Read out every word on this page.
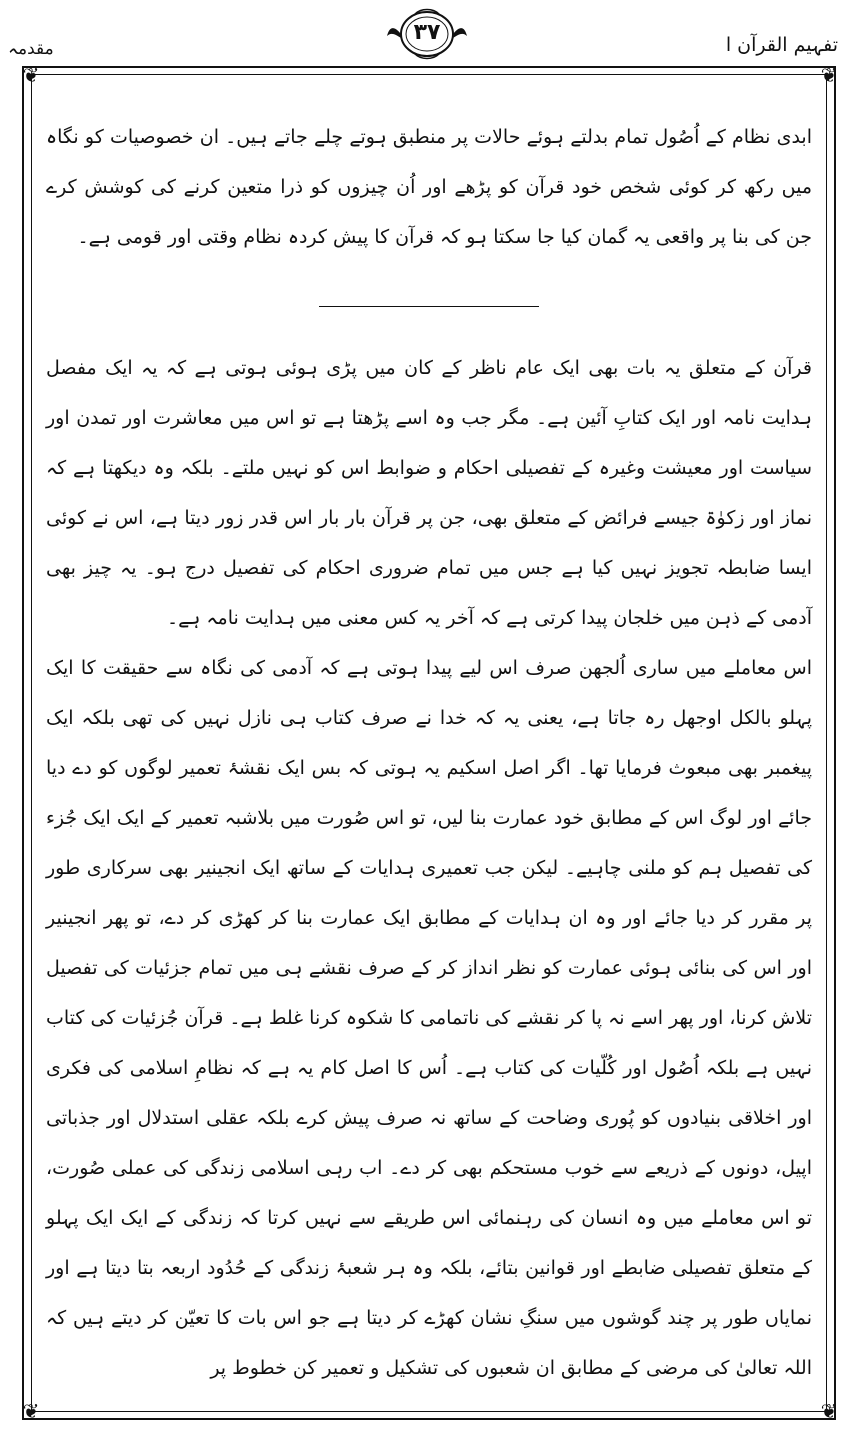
مقدمہ
۳۷	تفہیم القرآن ا
❦	❦
❦	❦

ابدی نظام کے اُصُول تمام بدلتے ہوئے حالات پر منطبق ہوتے چلے جاتے ہیں۔ ان خصوصیات کو نگاہ میں رکھ کر کوئی شخص خود قرآن کو پڑھے اور اُن چیزوں کو ذرا متعین کرنے کی کوشش کرے جن کی بنا پر واقعی یہ گمان کیا جا سکتا ہو کہ قرآن کا پیش کردہ نظام وقتی اور قومی ہے۔

قرآن کے متعلق یہ بات بھی ایک عام ناظر کے کان میں پڑی ہوئی ہوتی ہے کہ یہ ایک مفصل ہدایت نامہ اور ایک کتابِ آئین ہے۔ مگر جب وہ اسے پڑھتا ہے تو اس میں معاشرت اور تمدن اور سیاست اور معیشت وغیرہ کے تفصیلی احکام و ضوابط اس کو نہیں ملتے۔ بلکہ وہ دیکھتا ہے کہ نماز اور زکوٰۃ جیسے فرائض کے متعلق بھی، جن پر قرآن بار بار اس قدر زور دیتا ہے، اس نے کوئی ایسا ضابطہ تجویز نہیں کیا ہے جس میں تمام ضروری احکام کی تفصیل درج ہو۔ یہ چیز بھی آدمی کے ذہن میں خلجان پیدا کرتی ہے کہ آخر یہ کس معنی میں ہدایت نامہ ہے۔

اس معاملے میں ساری اُلجھن صرف اس لیے پیدا ہوتی ہے کہ آدمی کی نگاہ سے حقیقت کا ایک پہلو بالکل اوجھل رہ جاتا ہے، یعنی یہ کہ خدا نے صرف کتاب ہی نازل نہیں کی تھی بلکہ ایک پیغمبر بھی مبعوث فرمایا تھا۔ اگر اصل اسکیم یہ ہوتی کہ بس ایک نقشۂ تعمیر لوگوں کو دے دیا جائے اور لوگ اس کے مطابق خود عمارت بنا لیں، تو اس صُورت میں بلاشبہ تعمیر کے ایک ایک جُزء کی تفصیل ہم کو ملنی چاہیے۔ لیکن جب تعمیری ہدایات کے ساتھ ایک انجینیر بھی سرکاری طور پر مقرر کر دیا جائے اور وہ ان ہدایات کے مطابق ایک عمارت بنا کر کھڑی کر دے، تو پھر انجینیر اور اس کی بنائی ہوئی عمارت کو نظر انداز کر کے صرف نقشے ہی میں تمام جزئیات کی تفصیل تلاش کرنا، اور پھر اسے نہ پا کر نقشے کی ناتمامی کا شکوہ کرنا غلط ہے۔ قرآن جُزئیات کی کتاب نہیں ہے بلکہ اُصُول اور کُلّیات کی کتاب ہے۔ اُس کا اصل کام یہ ہے کہ نظامِ اسلامی کی فکری اور اخلاقی بنیادوں کو پُوری وضاحت کے ساتھ نہ صرف پیش کرے بلکہ عقلی استدلال اور جذباتی اپیل، دونوں کے ذریعے سے خوب مستحکم بھی کر دے۔ اب رہی اسلامی زندگی کی عملی صُورت، تو اس معاملے میں وہ انسان کی رہنمائی اس طریقے سے نہیں کرتا کہ زندگی کے ایک ایک پہلو کے متعلق تفصیلی ضابطے اور قوانین بتائے، بلکہ وہ ہر شعبۂ زندگی کے حُدُود اربعہ بتا دیتا ہے اور نمایاں طور پر چند گوشوں میں سنگِ نشان کھڑے کر دیتا ہے جو اس بات کا تعیّن کر دیتے ہیں کہ اللہ تعالیٰ کی مرضی کے مطابق ان شعبوں کی تشکیل و تعمیر کن خطوط پر
